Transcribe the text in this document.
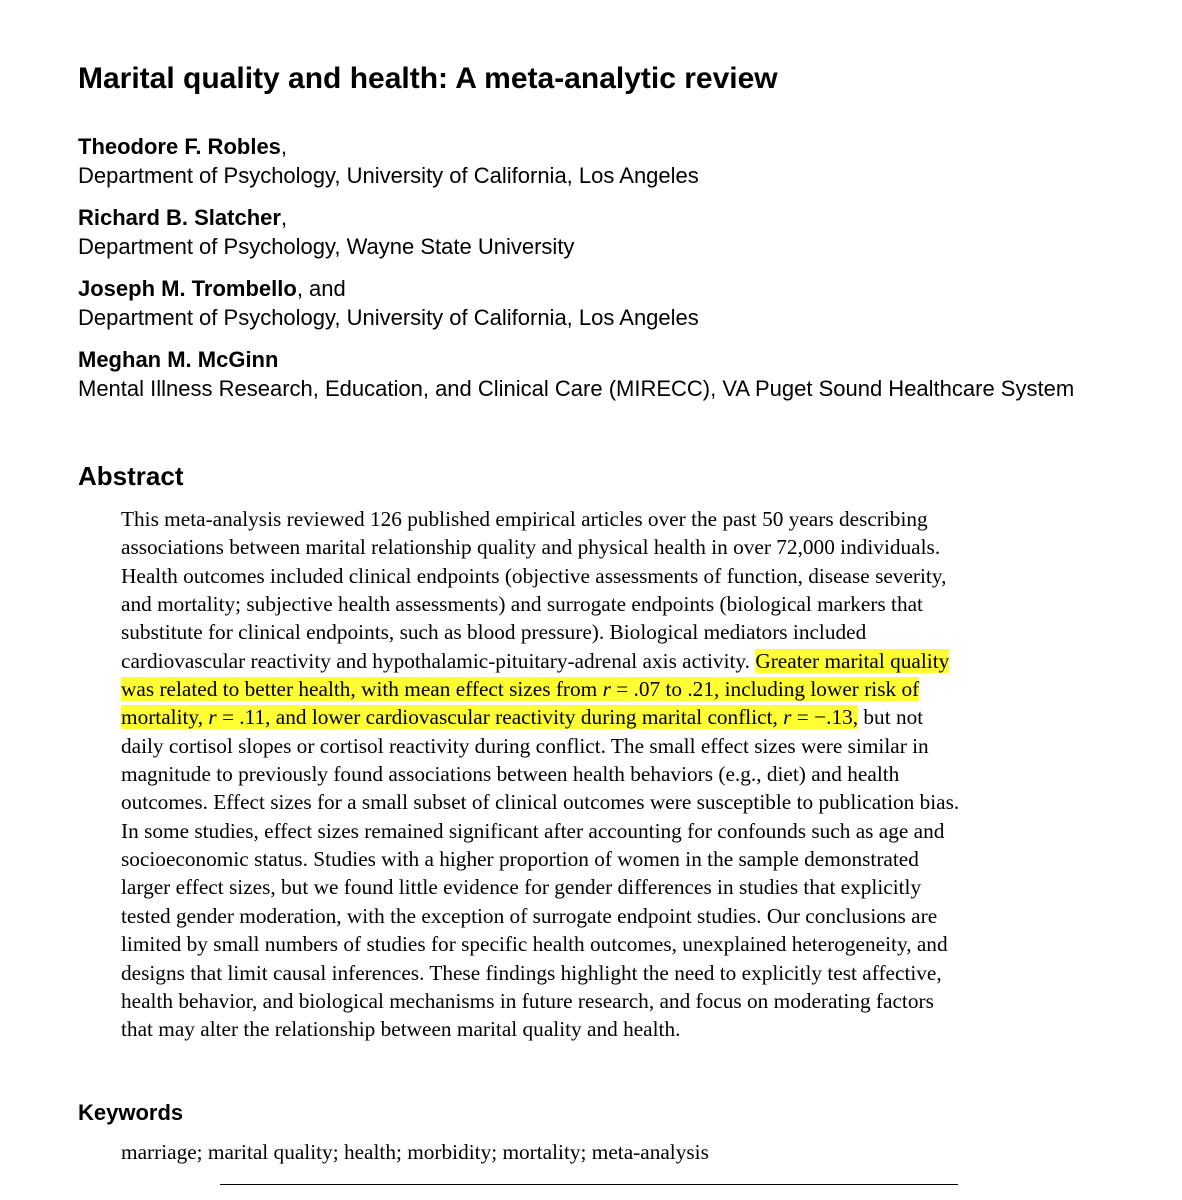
Marital quality and health: A meta-analytic review
Theodore F. Robles,
Department of Psychology, University of California, Los Angeles
Richard B. Slatcher,
Department of Psychology, Wayne State University
Joseph M. Trombello, and
Department of Psychology, University of California, Los Angeles
Meghan M. McGinn
Mental Illness Research, Education, and Clinical Care (MIRECC), VA Puget Sound Healthcare System
Abstract

This meta-analysis reviewed 126 published empirical articles over the past 50 years describing
associations between marital relationship quality and physical health in over 72,000 individuals.
Health outcomes included clinical endpoints (objective assessments of function, disease severity,
and mortality; subjective health assessments) and surrogate endpoints (biological markers that
substitute for clinical endpoints, such as blood pressure). Biological mediators included
cardiovascular reactivity and hypothalamic-pituitary-adrenal axis activity. Greater marital quality
was related to better health, with mean effect sizes from r = .07 to .21, including lower risk of
mortality, r = .11, and lower cardiovascular reactivity during marital conflict, r = −.13, but not
daily cortisol slopes or cortisol reactivity during conflict. The small effect sizes were similar in
magnitude to previously found associations between health behaviors (e.g., diet) and health
outcomes. Effect sizes for a small subset of clinical outcomes were susceptible to publication bias.
In some studies, effect sizes remained significant after accounting for confounds such as age and
socioeconomic status. Studies with a higher proportion of women in the sample demonstrated
larger effect sizes, but we found little evidence for gender differences in studies that explicitly
tested gender moderation, with the exception of surrogate endpoint studies. Our conclusions are
limited by small numbers of studies for specific health outcomes, unexplained heterogeneity, and
designs that limit causal inferences. These findings highlight the need to explicitly test affective,
health behavior, and biological mechanisms in future research, and focus on moderating factors
that may alter the relationship between marital quality and health.

Keywords

marriage; marital quality; health; morbidity; mortality; meta-analysis
